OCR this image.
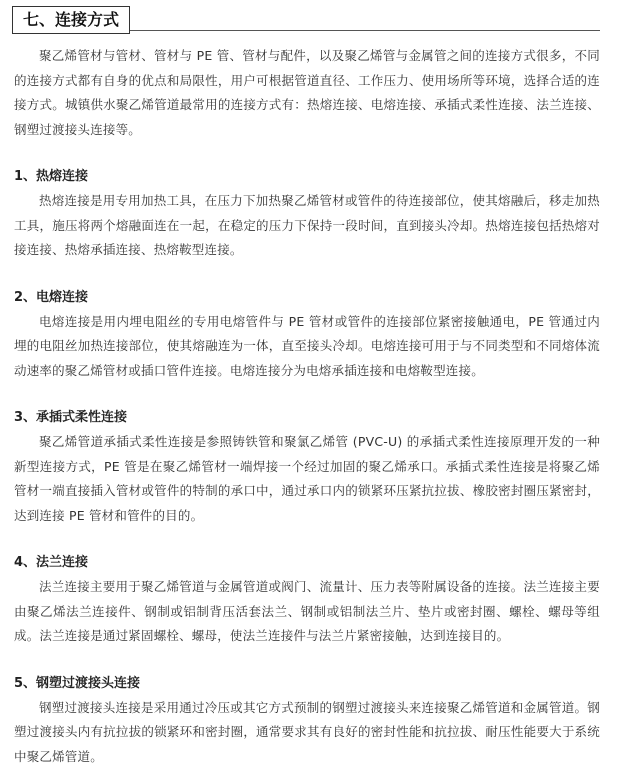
七、连接方式

聚乙烯管材与管材、管材与 PE 管、管材与配件，以及聚乙烯管与金属管之间的连接方式很多，不同的连接方式都有自身的优点和局限性，用户可根据管道直径、工作压力、使用场所等环境，选择合适的连接方式。城镇供水聚乙烯管道最常用的连接方式有：热熔连接、电熔连接、承插式柔性连接、法兰连接、钢塑过渡接头连接等。

1、热熔连接

热熔连接是用专用加热工具，在压力下加热聚乙烯管材或管件的待连接部位，使其熔融后，移走加热工具，施压将两个熔融面连在一起，在稳定的压力下保持一段时间，直到接头冷却。热熔连接包括热熔对接连接、热熔承插连接、热熔鞍型连接。

2、电熔连接

电熔连接是用内埋电阻丝的专用电熔管件与 PE 管材或管件的连接部位紧密接触通电，PE 管通过内埋的电阻丝加热连接部位，使其熔融连为一体，直至接头冷却。电熔连接可用于与不同类型和不同熔体流动速率的聚乙烯管材或插口管件连接。电熔连接分为电熔承插连接和电熔鞍型连接。

3、承插式柔性连接

聚乙烯管道承插式柔性连接是参照铸铁管和聚氯乙烯管 (PVC-U) 的承插式柔性连接原理开发的一种新型连接方式，PE 管是在聚乙烯管材一端焊接一个经过加固的聚乙烯承口。承插式柔性连接是将聚乙烯管材一端直接插入管材或管件的特制的承口中，通过承口内的锁紧环压紧抗拉拔、橡胶密封圈压紧密封，达到连接 PE 管材和管件的目的。

4、法兰连接

法兰连接主要用于聚乙烯管道与金属管道或阀门、流量计、压力表等附属设备的连接。法兰连接主要由聚乙烯法兰连接件、钢制或铝制背压活套法兰、钢制或铝制法兰片、垫片或密封圈、螺栓、螺母等组成。法兰连接是通过紧固螺栓、螺母，使法兰连接件与法兰片紧密接触，达到连接目的。

5、钢塑过渡接头连接

钢塑过渡接头连接是采用通过冷压或其它方式预制的钢塑过渡接头来连接聚乙烯管道和金属管道。钢塑过渡接头内有抗拉拔的锁紧环和密封圈，通常要求其有良好的密封性能和抗拉拔、耐压性能要大于系统中聚乙烯管道。
